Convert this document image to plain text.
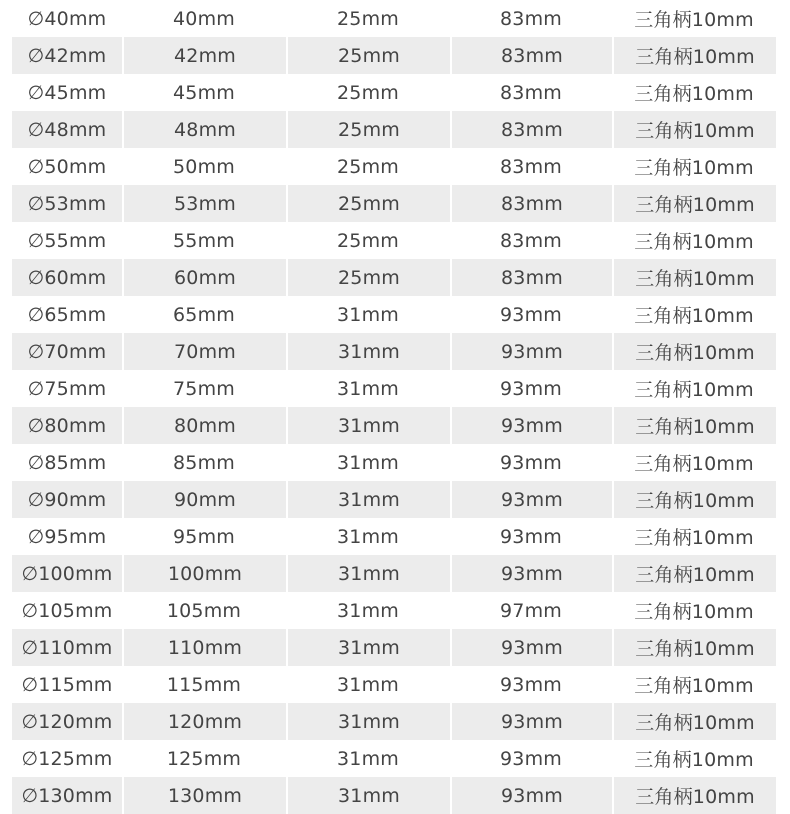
∅40mm	40mm	25mm	83mm	三角柄10mm
∅42mm	42mm	25mm	83mm	三角柄10mm
∅45mm	45mm	25mm	83mm	三角柄10mm
∅48mm	48mm	25mm	83mm	三角柄10mm
∅50mm	50mm	25mm	83mm	三角柄10mm
∅53mm	53mm	25mm	83mm	三角柄10mm
∅55mm	55mm	25mm	83mm	三角柄10mm
∅60mm	60mm	25mm	83mm	三角柄10mm
∅65mm	65mm	31mm	93mm	三角柄10mm
∅70mm	70mm	31mm	93mm	三角柄10mm
∅75mm	75mm	31mm	93mm	三角柄10mm
∅80mm	80mm	31mm	93mm	三角柄10mm
∅85mm	85mm	31mm	93mm	三角柄10mm
∅90mm	90mm	31mm	93mm	三角柄10mm
∅95mm	95mm	31mm	93mm	三角柄10mm
∅100mm	100mm	31mm	93mm	三角柄10mm
∅105mm	105mm	31mm	97mm	三角柄10mm
∅110mm	110mm	31mm	93mm	三角柄10mm
∅115mm	115mm	31mm	93mm	三角柄10mm
∅120mm	120mm	31mm	93mm	三角柄10mm
∅125mm	125mm	31mm	93mm	三角柄10mm
∅130mm	130mm	31mm	93mm	三角柄10mm
